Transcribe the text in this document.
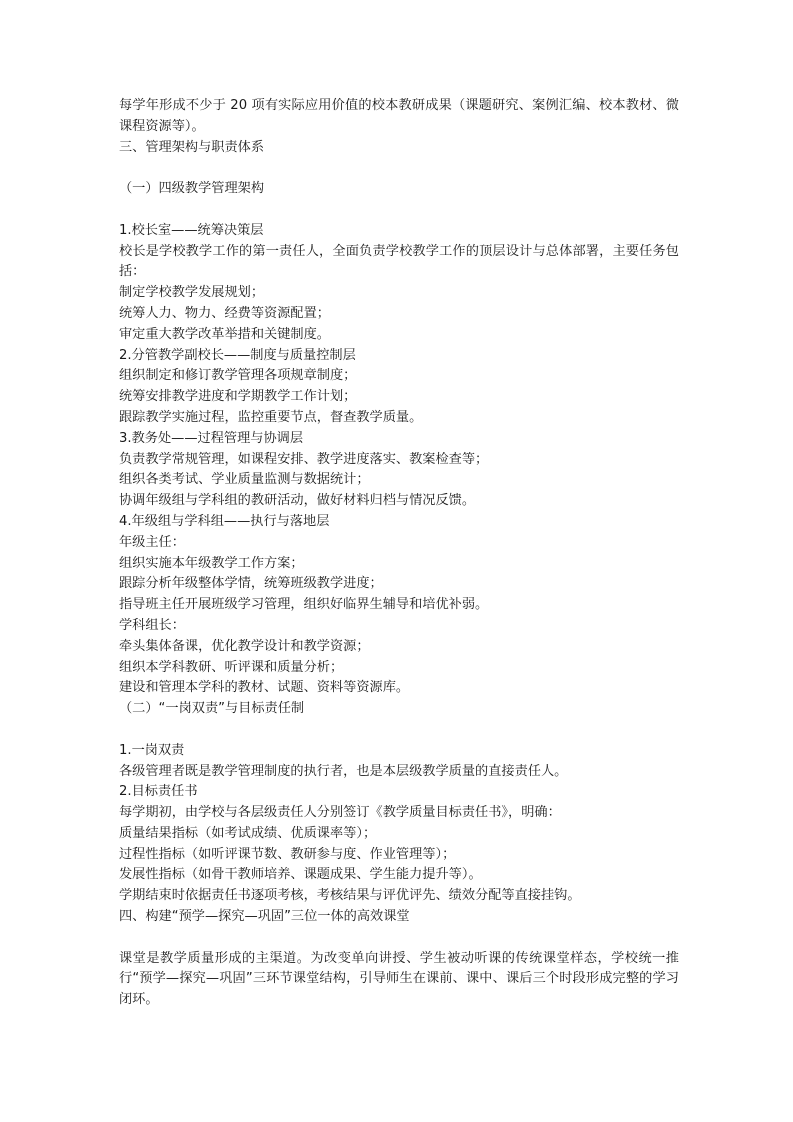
每学年形成不少于 20 项有实际应用价值的校本教研成果（课题研究、案例汇编、校本教材、微课程资源等）。
三、管理架构与职责体系
（一）四级教学管理架构
1.校长室——统筹决策层
校长是学校教学工作的第一责任人，全面负责学校教学工作的顶层设计与总体部署，主要任务包括：
制定学校教学发展规划；
统筹人力、物力、经费等资源配置；
审定重大教学改革举措和关键制度。
2.分管教学副校长——制度与质量控制层
组织制定和修订教学管理各项规章制度；
统筹安排教学进度和学期教学工作计划；
跟踪教学实施过程，监控重要节点，督查教学质量。
3.教务处——过程管理与协调层
负责教学常规管理，如课程安排、教学进度落实、教案检查等；
组织各类考试、学业质量监测与数据统计；
协调年级组与学科组的教研活动，做好材料归档与情况反馈。
4.年级组与学科组——执行与落地层
年级主任：
组织实施本年级教学工作方案；
跟踪分析年级整体学情，统筹班级教学进度；
指导班主任开展班级学习管理，组织好临界生辅导和培优补弱。
学科组长：
牵头集体备课，优化教学设计和教学资源；
组织本学科教研、听评课和质量分析；
建设和管理本学科的教材、试题、资料等资源库。
（二）“一岗双责”与目标责任制
1.一岗双责
各级管理者既是教学管理制度的执行者，也是本层级教学质量的直接责任人。
2.目标责任书
每学期初，由学校与各层级责任人分别签订《教学质量目标责任书》，明确：
质量结果指标（如考试成绩、优质课率等）；
过程性指标（如听评课节数、教研参与度、作业管理等）；
发展性指标（如骨干教师培养、课题成果、学生能力提升等）。
学期结束时依据责任书逐项考核，考核结果与评优评先、绩效分配等直接挂钩。
四、构建“预学—探究—巩固”三位一体的高效课堂
课堂是教学质量形成的主渠道。为改变单向讲授、学生被动听课的传统课堂样态，学校统一推行“预学—探究—巩固”三环节课堂结构，引导师生在课前、课中、课后三个时段形成完整的学习闭环。
